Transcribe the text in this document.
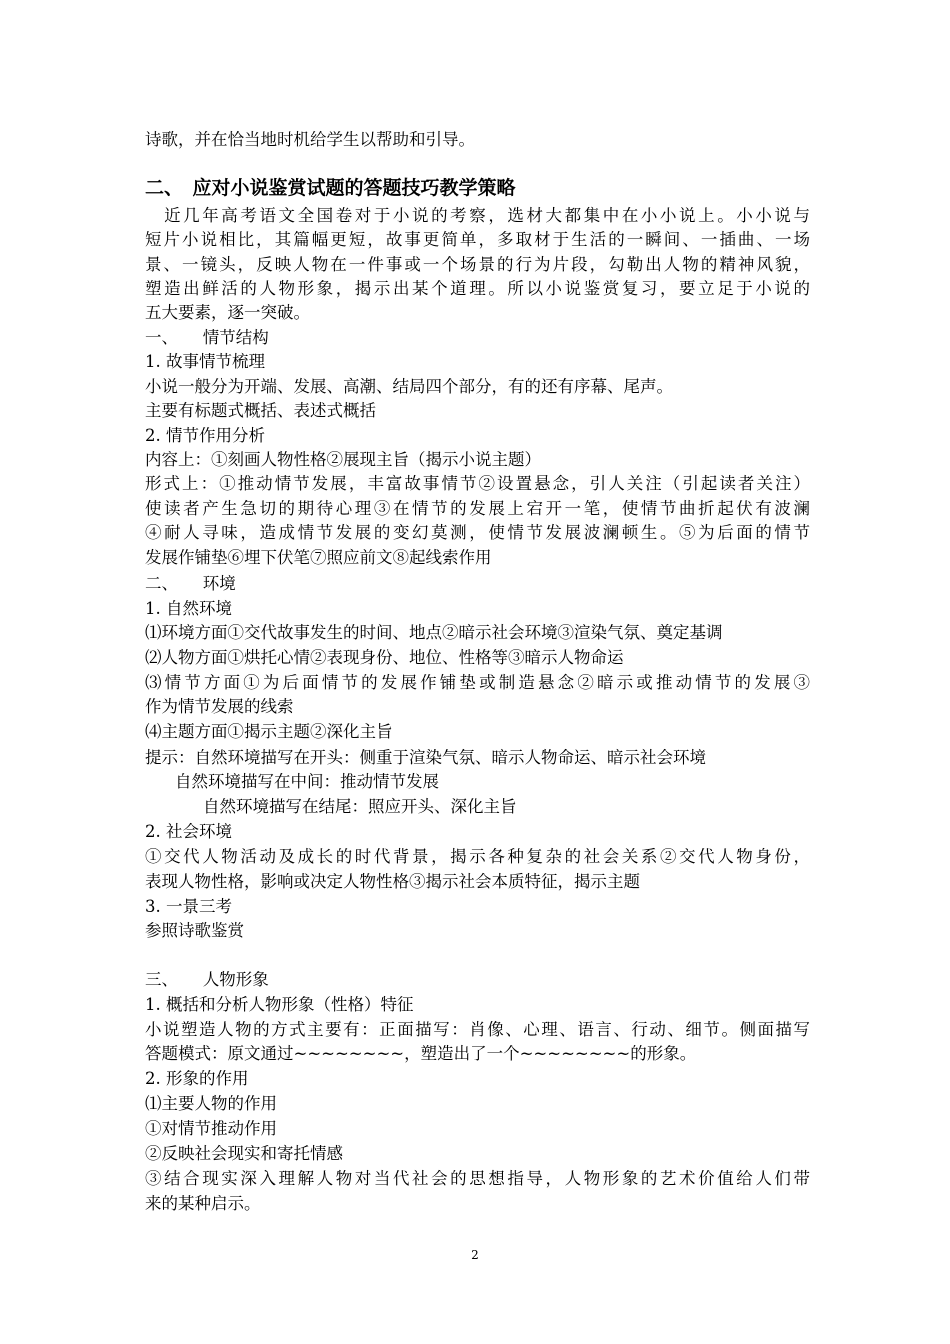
诗歌，并在恰当地时机给学生以帮助和引导。
二、　应对小说鉴赏试题的答题技巧教学策略
　近几年高考语文全国卷对于小说的考察，选材大都集中在小小说上。小小说与
短片小说相比，其篇幅更短，故事更简单，多取材于生活的一瞬间、一插曲、一场
景、一镜头，反映人物在一件事或一个场景的行为片段，勾勒出人物的精神风貌，
塑造出鲜活的人物形象，揭示出某个道理。所以小说鉴赏复习，要立足于小说的
五大要素，逐一突破。
一、　　情节结构
1. 故事情节梳理
小说一般分为开端、发展、高潮、结局四个部分，有的还有序幕、尾声。
主要有标题式概括、表述式概括
2. 情节作用分析
内容上：①刻画人物性格②展现主旨（揭示小说主题）
形式上：①推动情节发展，丰富故事情节②设置悬念，引人关注（引起读者关注）
使读者产生急切的期待心理③在情节的发展上宕开一笔，使情节曲折起伏有波澜
④耐人寻味，造成情节发展的变幻莫测，使情节发展波澜顿生。⑤为后面的情节
发展作铺垫⑥埋下伏笔⑦照应前文⑧起线索作用
二、　　环境
1. 自然环境
⑴环境方面①交代故事发生的时间、地点②暗示社会环境③渲染气氛、奠定基调
⑵人物方面①烘托心情②表现身份、地位、性格等③暗示人物命运
⑶情节方面①为后面情节的发展作铺垫或制造悬念②暗示或推动情节的发展③
作为情节发展的线索
⑷主题方面①揭示主题②深化主旨
提示：自然环境描写在开头：侧重于渲染气氛、暗示人物命运、暗示社会环境
自然环境描写在中间：推动情节发展
自然环境描写在结尾：照应开头、深化主旨
2. 社会环境
①交代人物活动及成长的时代背景，揭示各种复杂的社会关系②交代人物身份，
表现人物性格，影响或决定人物性格③揭示社会本质特征，揭示主题
3. 一景三考
参照诗歌鉴赏
三、　　人物形象
1. 概括和分析人物形象（性格）特征
小说塑造人物的方式主要有：正面描写：肖像、心理、语言、行动、细节。侧面描写
答题模式：原文通过~~~~~~~~，塑造出了一个~~~~~~~~的形象。
2. 形象的作用
⑴主要人物的作用
①对情节推动作用
②反映社会现实和寄托情感
③结合现实深入理解人物对当代社会的思想指导，人物形象的艺术价值给人们带
来的某种启示。
2
